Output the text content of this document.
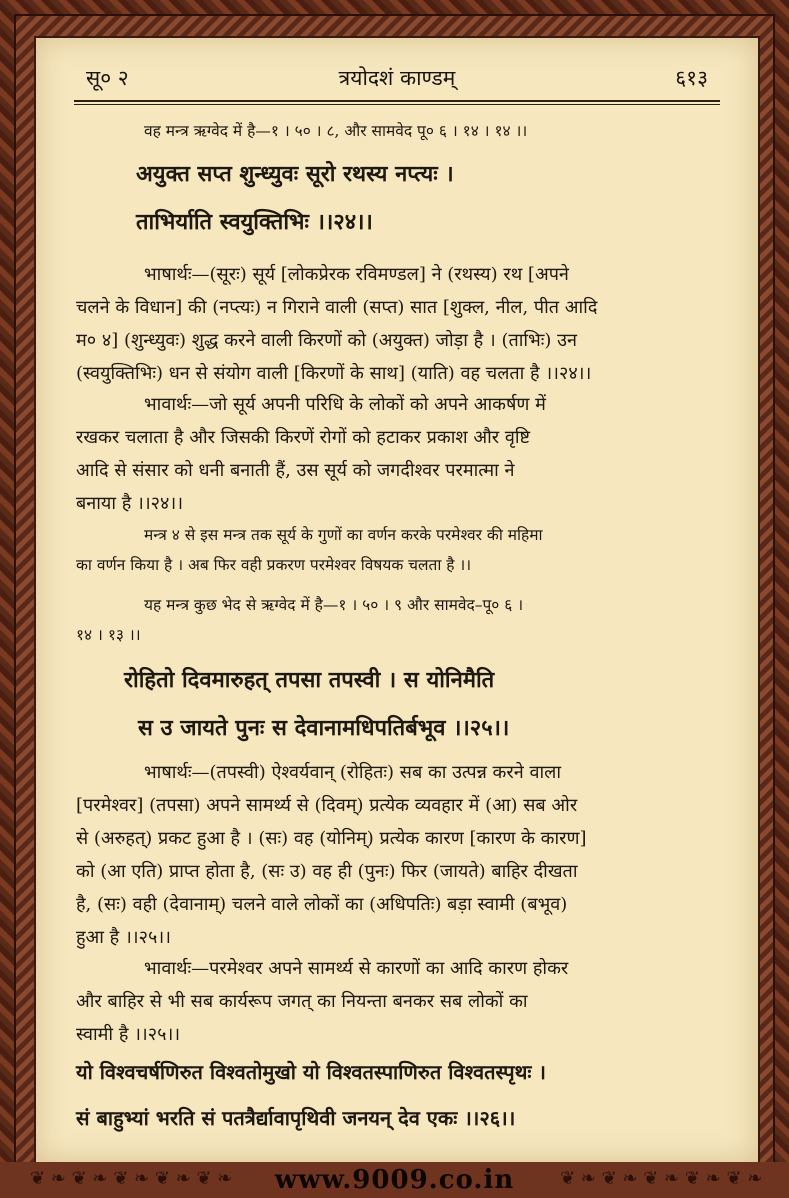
सू० २	त्रयोदशं काण्डम्	६१३
वह मन्त्र ऋग्वेद में है—१ । ५० । ८, और सामवेद पू० ६ । १४ । १४ ।।
अयुक्त सप्त शुन्ध्युवः सूरो रथस्य नप्त्यः ।
ताभिर्याति स्वयुक्तिभिः ।।२४।।
भाषार्थः—(सूरः) सूर्य [लोकप्रेरक रविमण्डल] ने (रथस्य) रथ [अपने
चलने के विधान] की (नप्त्यः) न गिराने वाली (सप्त) सात [शुक्ल, नील, पीत आदि
म० ४] (शुन्ध्युवः) शुद्ध करने वाली किरणों को (अयुक्त) जोड़ा है । (ताभिः) उन
(स्वयुक्तिभिः) धन से संयोग वाली [किरणों के साथ] (याति) वह चलता है ।।२४।।
भावार्थः—जो सूर्य अपनी परिधि के लोकों को अपने आकर्षण में
रखकर चलाता है और जिसकी किरणें रोगों को हटाकर प्रकाश और वृष्टि
आदि से संसार को धनी बनाती हैं, उस सूर्य को जगदीश्वर परमात्मा ने
बनाया है ।।२४।।
मन्त्र ४ से इस मन्त्र तक सूर्य के गुणों का वर्णन करके परमेश्वर की महिमा
का वर्णन किया है । अब फिर वही प्रकरण परमेश्वर विषयक चलता है ।।
यह मन्त्र कुछ भेद से ऋग्वेद में है—१ । ५० । ९ और सामवेद–पू० ६ ।
१४ । १३ ।।
रोहितो दिवमारुहत् तपसा तपस्वी । स योनिमैति
स उ जायते पुनः स देवानामधिपतिर्बभूव ।।२५।।
भाषार्थः—(तपस्वी) ऐश्वर्यवान् (रोहितः) सब का उत्पन्न करने वाला
[परमेश्वर] (तपसा) अपने सामर्थ्य से (दिवम्) प्रत्येक व्यवहार में (आ) सब ओर
से (अरुहत्) प्रकट हुआ है । (सः) वह (योनिम्) प्रत्येक कारण [कारण के कारण]
को (आ एति) प्राप्त होता है, (सः उ) वह ही (पुनः) फिर (जायते) बाहिर दीखता
है, (सः) वही (देवानाम्) चलने वाले लोकों का (अधिपतिः) बड़ा स्वामी (बभूव)
हुआ है ।।२५।।
भावार्थः—परमेश्वर अपने सामर्थ्य से कारणों का आदि कारण होकर
और बाहिर से भी सब कार्यरूप जगत् का नियन्ता बनकर सब लोकों का
स्वामी है ।।२५।।
यो विश्वचर्षणिरुत विश्वतोमुखो यो विश्वतस्पाणिरुत विश्वतस्पृथः ।
सं बाहुभ्यां भरति सं पतत्रैर्द्यावापृथिवी जनयन् देव एकः ।।२६।।
❦ ❧ ❦ ❧ ❦ ❧ ❦ ❧ ❦ ❧	❦ ❧ ❦ ❧ ❦ ❧ ❦ ❧ ❦ ❧
www.9009.co.in
